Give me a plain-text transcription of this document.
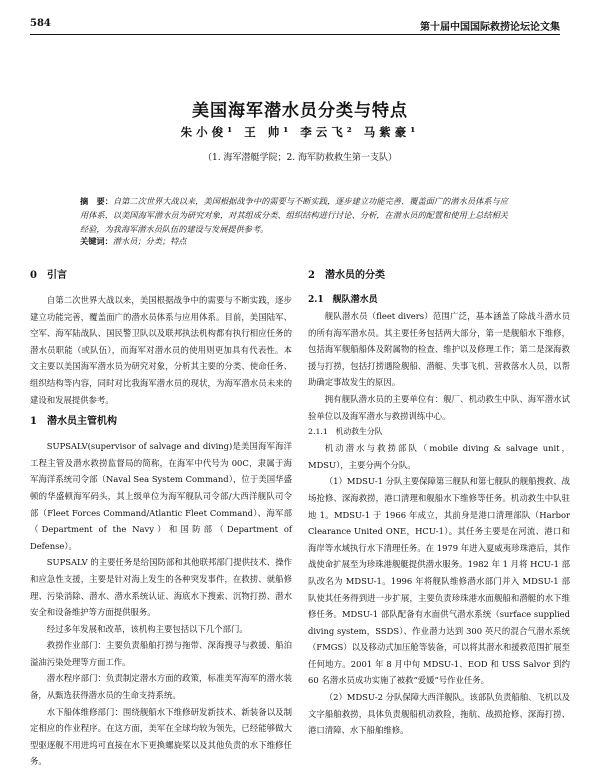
584	第十届中国国际救捞论坛论文集
美国海军潜水员分类与特点
朱小俊¹ 王 帅¹ 李云飞² 马紫豪¹
（1. 海军潜艇学院；2. 海军防救救生第一支队）
摘　要：自第二次世界大战以来，美国根据战争中的需要与不断实践，逐步建立功能完善、覆盖面广的潜水员体系与应用体系，以美国海军潜水员为研究对象，对其组成分类、组织结构进行讨论、分析，在潜水员的配置和使用上总结相关经验，为我海军潜水员队伍的建设与发展提供参考。
关键词：潜水员；分类；特点
0　引言

自第二次世界大战以来，美国根据战争中的需要与不断实践，逐步建立功能完善，覆盖面广的潜水员体系与应用体系。目前，美国陆军、空军、海军陆战队、国民警卫队以及联邦执法机构都有执行相应任务的潜水员职能（或队伍），而海军对潜水员的使用则更加具有代表性。本文主要以美国海军潜水员为研究对象，分析其主要的分类、使命任务、组织结构等内容，同时对比我海军潜水员的现状，为海军潜水员未来的建设和发展提供参考。

1　潜水员主管机构

SUPSALV(supervisor of salvage and diving)是美国海军海洋工程主管及潜水救捞监督局的简称，在海军中代号为 00C，隶属于海军海洋系统司令部（Naval Sea System Command），位于美国华盛顿的华盛顿海军码头，其上级单位为海军舰队司令部/大西洋舰队司令部（Fleet Forces Command/Atlantic Fleet Command）、海军部（Department of the Navy）和国防部（Department of Defense）。

SUPSALV 的主要任务是给国防部和其他联邦部门提供技术、操作和应急性支援，主要是针对海上发生的各种突发事件，在救捞、就船修理、污染消除、潜水、潜水系统认证、海底水下搜索、沉物打捞、潜水安全和设备维护等方面提供服务。

经过多年发展和改革，该机构主要包括以下几个部门。

救捞作业部门：主要负责船舶打捞与拖带、深海搜寻与救援、船泊溢油污染处理等方面工作。

潜水程序部门：负责制定潜水方面的政策，标准美军海军的潜水装备，从甄选获得潜水员的生命支持系统。

水下船体维修部门：围绕舰船水下维修研发新技术、新装备以及制定相应的作业程序。在这方面，美军在全球均较为领先，已经能够做大型驱逐舰不用进坞可直接在水下更换螺旋桨以及其他负责的水下维修任务。

2　潜水员的分类
2.1　舰队潜水员

舰队潜水员（fleet divers）范围广泛，基本涵盖了除战斗潜水员的所有海军潜水员。其主要任务包括两大部分，第一是舰船水下维修，包括海军舰船船体及附属物的检查、维护以及修理工作；第二是深海救援与打捞，包括打捞遇险舰船、潜艇、失事飞机、营救落水人员，以帮助确定事故发生的原因。

拥有舰队潜水员的主要单位有：舰厂、机动救生中队、海军潜水试验单位以及海军潜水与救捞训练中心。

2.1.1　机动救生分队

机动潜水与救捞部队（mobile diving & salvage unit，MDSU），主要分两个分队。

（1）MDSU-1 分队主要保障第三舰队和第七舰队的舰船搜救、战场抢修、深海救捞，港口清理和舰船水下维修等任务。机动救生中队驻地 1。MDSU-1 于 1966 年成立，其前身是港口清理部队（Harbor Clearance United ONE，HCU-1）。其任务主要是在河流、港口和海岸等水域执行水下清理任务。在 1979 年进入夏威夷珍珠港后，其作战使命扩展至为珍珠港舰艇提供潜水服务。1982 年 1 月将 HCU-1 部队改名为 MDSU-1。1996 年将舰队维修潜水部门并入 MDSU-1 部队使其任务得到进一步扩展，主要负责珍珠港水面舰船和潜艇的水下维修任务。MDSU-1 部队配备有水面供气潜水系统（surface supplied diving system，SSDS）、作业潜力达到 300 英尺的混合气潜水系统（FMGS）以及移动式加压舱等装备，可以将其潜水和援救范围扩展至任何地方。2001 年 8 月中旬 MDSU-1、EOD 和 USS Salvor 到约 60 名潜水员成功实施了被救“爱媛”号作业任务。

（2）MDSU-2 分队保障大西洋舰队。该部队负责船舶、飞机以及文字船舶救捞，具体负责舰船机动救险，拖航、战损抢修、深海打捞、港口清障、水下船舶维修。
